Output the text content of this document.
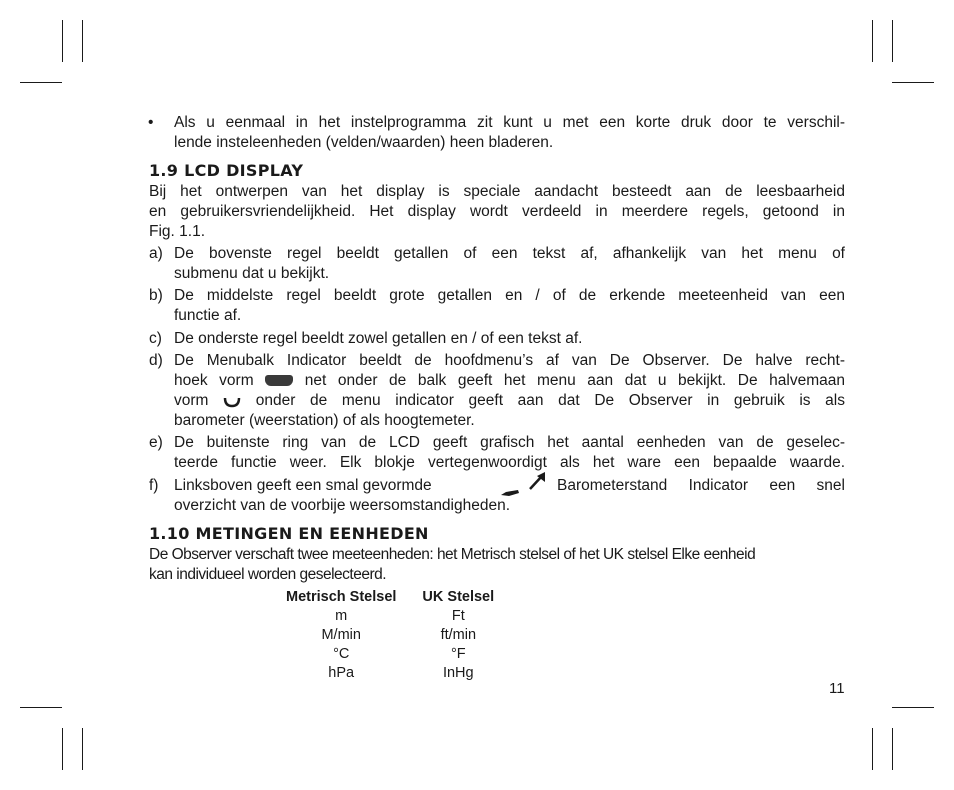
• Als u eenmaal in het instelprogramma zit kunt u met een korte druk door te verschil-
lende insteleenheden (velden/waarden) heen bladeren.
1.9 LCD DISPLAY
Bij het ontwerpen van het display is speciale aandacht besteedt aan de leesbaarheid
en gebruikersvriendelijkheid. Het display wordt verdeeld in meerdere regels, getoond in
Fig. 1.1.
a) De bovenste regel beeldt getallen of een tekst af, afhankelijk van het menu of
submenu dat u bekijkt.
b) De middelste regel beeldt grote getallen en / of de erkende meeteenheid van een
functie af.
c) De onderste regel beeldt zowel getallen en / of een tekst af.
d) De Menubalk Indicator beeldt de hoofdmenu’s af van De Observer. De halve recht-
hoek vorm	net onder de balk geeft het menu aan dat u bekijkt. De halvemaan
vorm	onder de menu indicator geeft aan dat De Observer in gebruik is als
barometer (weerstation) of als hoogtemeter.
e) De buitenste ring van de LCD geeft grafisch het aantal eenheden van de geselec-
teerde functie weer. Elk blokje vertegenwoordigt als het ware een bepaalde waarde.
f) Linksboven geeft een smal gevormde	Barometerstand Indicator een snel
overzicht van de voorbije weersomstandigheden.
1.10 METINGEN EN EENHEDEN
De Observer verschaft twee meeteenheden: het Metrisch stelsel of het UK stelsel Elke eenheid
kan individueel worden geselecteerd.
Metrisch Stelsel	UK Stelsel
m	Ft
M/min	ft/min
°C	°F
hPa	InHg
11
